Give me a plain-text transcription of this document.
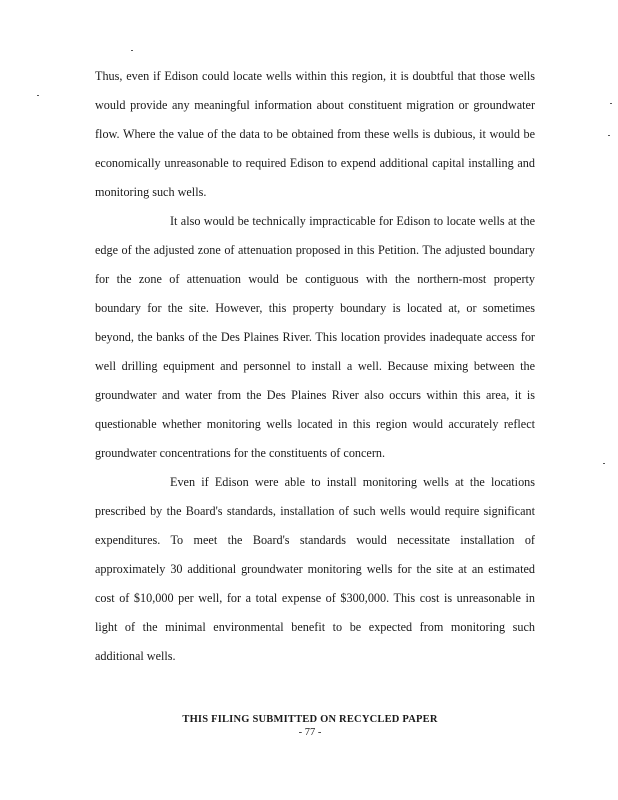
Thus, even if Edison could locate wells within this region, it is doubtful that those wells would provide any meaningful information about constituent migration or groundwater flow. Where the value of the data to be obtained from these wells is dubious, it would be economically unreasonable to required Edison to expend additional capital installing and monitoring such wells.

It also would be technically impracticable for Edison to locate wells at the edge of the adjusted zone of attenuation proposed in this Petition. The adjusted boundary for the zone of attenuation would be contiguous with the northern-most property boundary for the site. However, this property boundary is located at, or sometimes beyond, the banks of the Des Plaines River. This location provides inadequate access for well drilling equipment and personnel to install a well. Because mixing between the groundwater and water from the Des Plaines River also occurs within this area, it is questionable whether monitoring wells located in this region would accurately reflect groundwater concentrations for the constituents of concern.

Even if Edison were able to install monitoring wells at the locations prescribed by the Board's standards, installation of such wells would require significant expenditures. To meet the Board's standards would necessitate installation of approximately 30 additional groundwater monitoring wells for the site at an estimated cost of $10,000 per well, for a total expense of $300,000. This cost is unreasonable in light of the minimal environmental benefit to be expected from monitoring such additional wells.

THIS FILING SUBMITTED ON RECYCLED PAPER
- 77 -
